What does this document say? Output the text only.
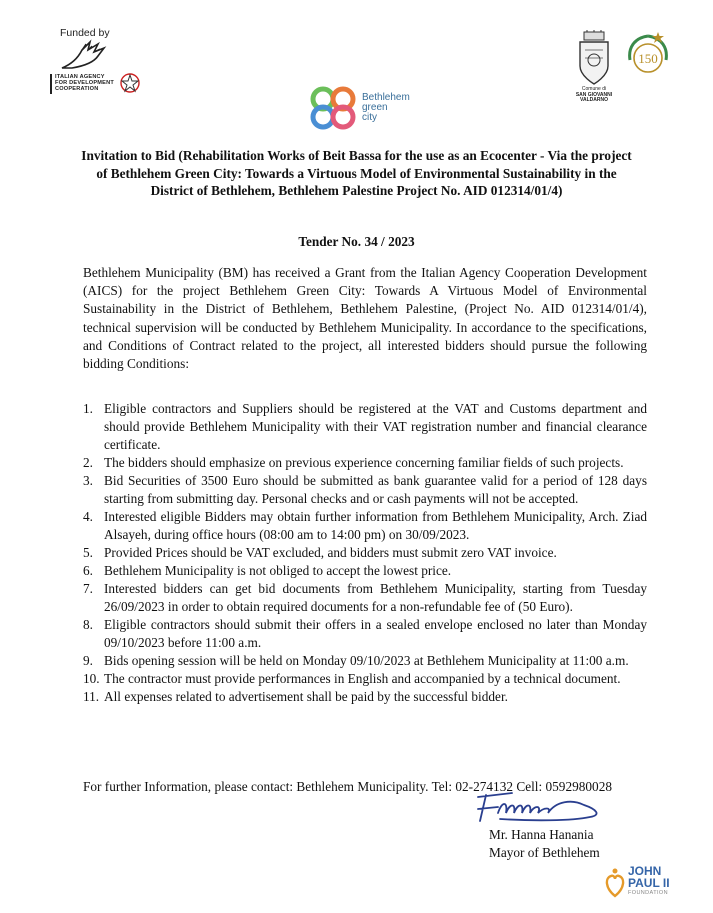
Funded by
ITALIAN AGENCY
FOR DEVELOPMENT
COOPERATION
Bethlehem
green
city
Comune di
SAN GIOVANNI
VALDARNO
150
Invitation to Bid (Rehabilitation Works of Beit Bassa for the use as an Ecocenter - Via the project of Bethlehem Green City: Towards a Virtuous Model of Environmental Sustainability in the District of Bethlehem, Bethlehem Palestine Project No. AID 012314/01/4)
Tender No. 34 / 2023
Bethlehem Municipality (BM) has received a Grant from the Italian Agency Cooperation Development (AICS) for the project Bethlehem Green City: Towards A Virtuous Model of Environmental Sustainability in the District of Bethlehem, Bethlehem Palestine, (Project No. AID 012314/01/4), technical supervision will be conducted by Bethlehem Municipality. In accordance to the specifications, and Conditions of Contract related to the project, all interested bidders should pursue the following bidding Conditions:
1. Eligible contractors and Suppliers should be registered at the VAT and Customs department and should provide Bethlehem Municipality with their VAT registration number and financial clearance certificate.
2. The bidders should emphasize on previous experience concerning familiar fields of such projects.
3. Bid Securities of 3500 Euro should be submitted as bank guarantee valid for a period of 128 days starting from submitting day. Personal checks and or cash payments will not be accepted.
4. Interested eligible Bidders may obtain further information from Bethlehem Municipality, Arch. Ziad Alsayeh, during office hours (08:00 am to 14:00 pm) on 30/09/2023.
5. Provided Prices should be VAT excluded, and bidders must submit zero VAT invoice.
6. Bethlehem Municipality is not obliged to accept the lowest price.
7. Interested bidders can get bid documents from Bethlehem Municipality, starting from Tuesday 26/09/2023 in order to obtain required documents for a non-refundable fee of (50 Euro).
8. Eligible contractors should submit their offers in a sealed envelope enclosed no later than Monday 09/10/2023 before 11:00 a.m.
9. Bids opening session will be held on Monday 09/10/2023 at Bethlehem Municipality at 11:00 a.m.
10. The contractor must provide performances in English and accompanied by a technical document.
11. All expenses related to advertisement shall be paid by the successful bidder.
For further Information, please contact: Bethlehem Municipality. Tel: 02-274132 Cell: 0592980028
Mr. Hanna Hanania
Mayor of Bethlehem
JOHN
PAUL II
FOUNDATION
